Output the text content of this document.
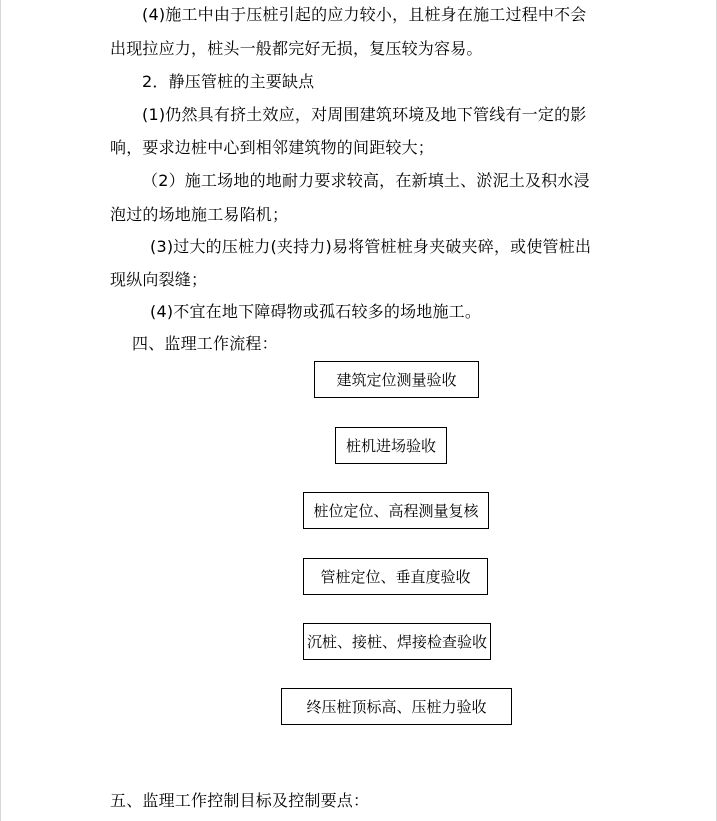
(4)施工中由于压桩引起的应力较小，且桩身在施工过程中不会
出现拉应力，桩头一般都完好无损，复压较为容易。
2．静压管桩的主要缺点
(1)仍然具有挤土效应，对周围建筑环境及地下管线有一定的影
响，要求边桩中心到相邻建筑物的间距较大；
（2）施工场地的地耐力要求较高，在新填土、淤泥土及积水浸
泡过的场地施工易陷机；
(3)过大的压桩力(夹持力)易将管桩桩身夹破夹碎，或使管桩出
现纵向裂缝；
(4)不宜在地下障碍物或孤石较多的场地施工。
四、监理工作流程：
建筑定位测量验收
桩机进场验收
桩位定位、高程测量复核
管桩定位、垂直度验收
沉桩、接桩、焊接检查验收
终压桩顶标高、压桩力验收
五、监理工作控制目标及控制要点：
